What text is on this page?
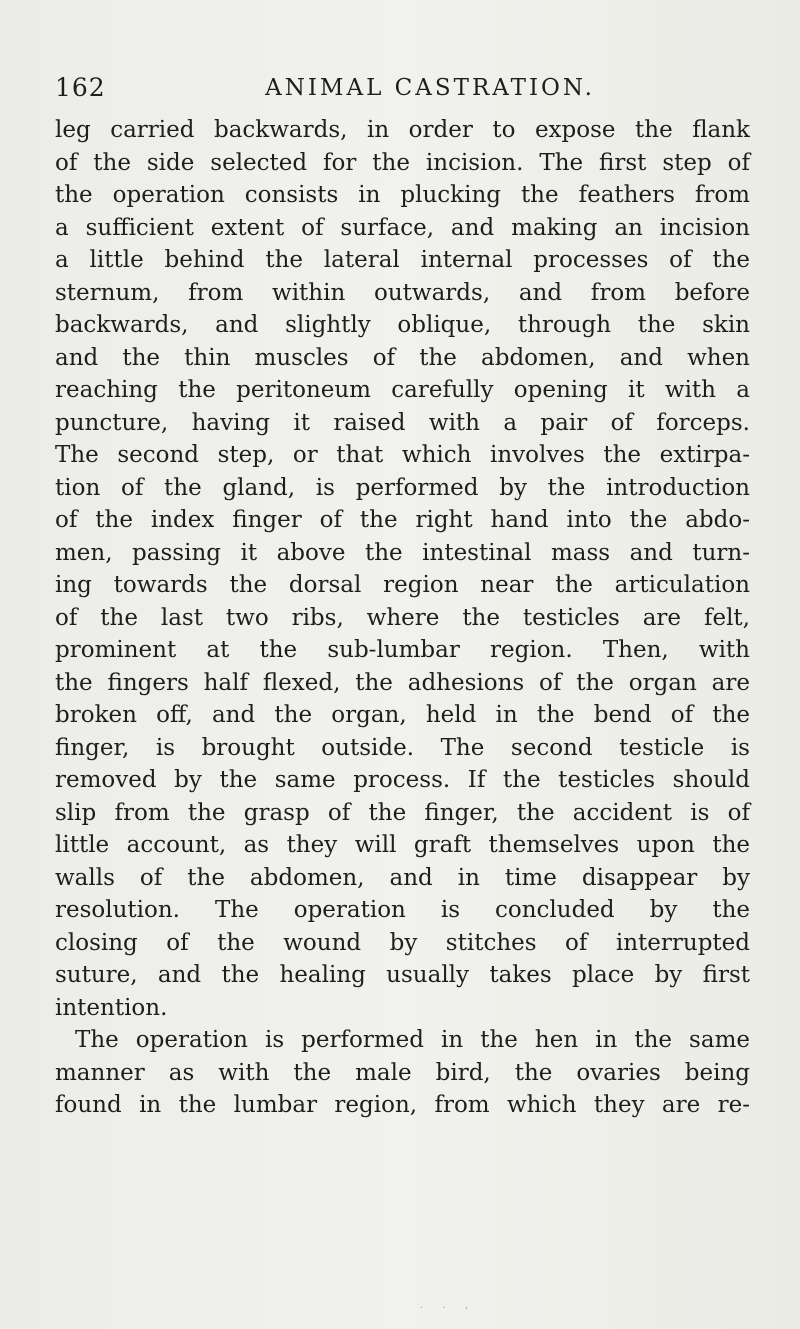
162	ANIMAL CASTRATION.
leg carried backwards, in order to expose the flank
of the side selected for the incision. The first step of
the operation consists in plucking the feathers from
a sufficient extent of surface, and making an incision
a little behind the lateral internal processes of the
sternum, from within outwards, and from before
backwards, and slightly oblique, through the skin
and the thin muscles of the abdomen, and when
reaching the peritoneum carefully opening it with a
puncture, having it raised with a pair of forceps.
The second step, or that which involves the extirpa-
tion of the gland, is performed by the introduction
of the index finger of the right hand into the abdo-
men, passing it above the intestinal mass and turn-
ing towards the dorsal region near the articulation
of the last two ribs, where the testicles are felt,
prominent at the sub-lumbar region. Then, with
the fingers half flexed, the adhesions of the organ are
broken off, and the organ, held in the bend of the
finger, is brought outside. The second testicle is
removed by the same process. If the testicles should
slip from the grasp of the finger, the accident is of
little account, as they will graft themselves upon the
walls of the abdomen, and in time disappear by
resolution. The operation is concluded by the
closing of the wound by stitches of interrupted
suture, and the healing usually takes place by first
intention.
The operation is performed in the hen in the same
manner as with the male bird, the ovaries being
found in the lumbar region, from which they are re-
. . ,
